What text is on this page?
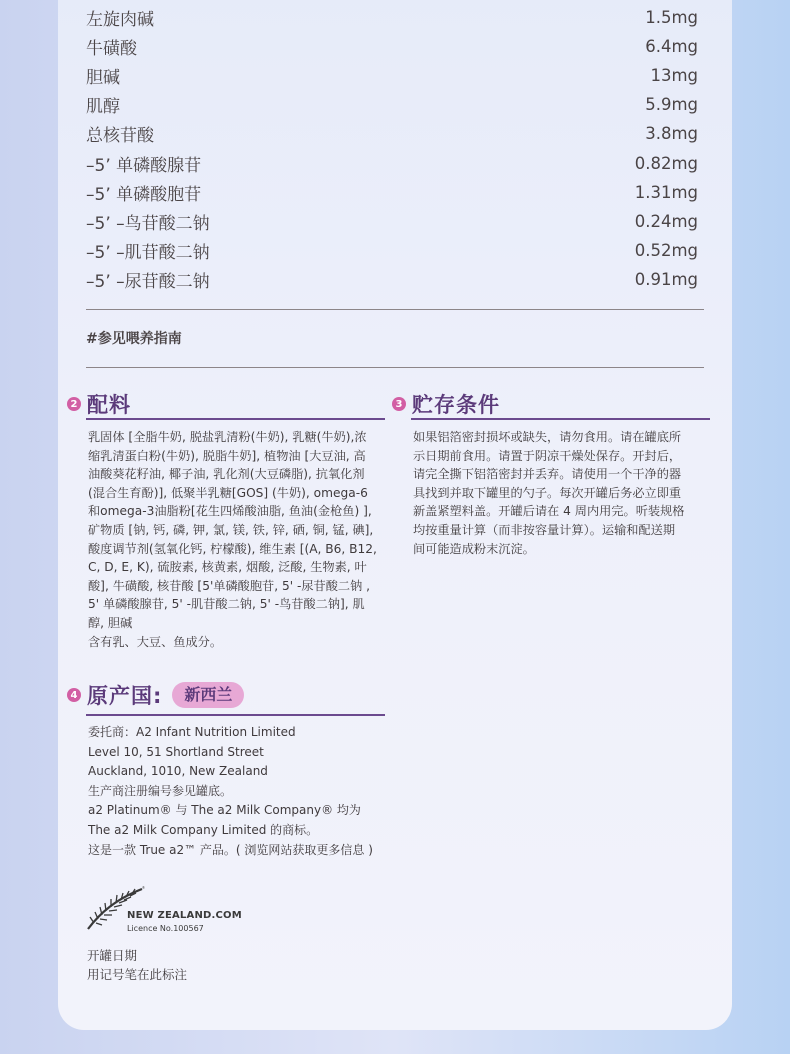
左旋肉碱	1.5mg
牛磺酸	6.4mg
胆碱	13mg
肌醇	5.9mg
总核苷酸	3.8mg
–5’ 单磷酸腺苷	0.82mg
–5’ 单磷酸胞苷	1.31mg
–5’ –鸟苷酸二钠	0.24mg
–5’ –肌苷酸二钠	0.52mg
–5’ –尿苷酸二钠	0.91mg
#参见喂养指南
2 配料
乳固体 [全脂牛奶, 脱盐乳清粉(牛奶), 乳糖(牛奶),浓
缩乳清蛋白粉(牛奶), 脱脂牛奶], 植物油 [大豆油, 高
油酸葵花籽油, 椰子油, 乳化剂(大豆磷脂), 抗氧化剂
(混合生育酚)], 低聚半乳糖[GOS] (牛奶), omega-6
和omega-3油脂粉[花生四烯酸油脂, 鱼油(金枪鱼) ],
矿物质 [钠, 钙, 磷, 钾, 氯, 镁, 铁, 锌, 硒, 铜, 锰, 碘],
酸度调节剂(氢氧化钙, 柠檬酸), 维生素 [(A, B6, B12,
C, D, E, K), 硫胺素, 核黄素, 烟酸, 泛酸, 生物素, 叶
酸], 牛磺酸, 核苷酸 [5'单磷酸胞苷, 5' -尿苷酸二钠 ,
5' 单磷酸腺苷, 5' -肌苷酸二钠, 5' -鸟苷酸二钠], 肌
醇, 胆碱
含有乳、大豆、鱼成分。
3 贮存条件
如果铝箔密封损坏或缺失，请勿食用。请在罐底所
示日期前食用。请置于阴凉干燥处保存。开封后，
请完全撕下铝箔密封并丢弃。请使用一个干净的器
具找到并取下罐里的勺子。每次开罐后务必立即重
新盖紧塑料盖。开罐后请在 4 周内用完。听装规格
均按重量计算（而非按容量计算）。运输和配送期
间可能造成粉末沉淀。
4 原产国:	新西兰
委托商：A2 Infant Nutrition Limited
Level 10, 51 Shortland Street
Auckland, 1010, New Zealand
生产商注册编号参见罐底。
a2 Platinum® 与 The a2 Milk Company® 均为
The a2 Milk Company Limited 的商标。
这是一款 True a2™ 产品。( 浏览网站获取更多信息 )
®
NEW ZEALAND.COM
Licence No.100567
开罐日期
用记号笔在此标注
